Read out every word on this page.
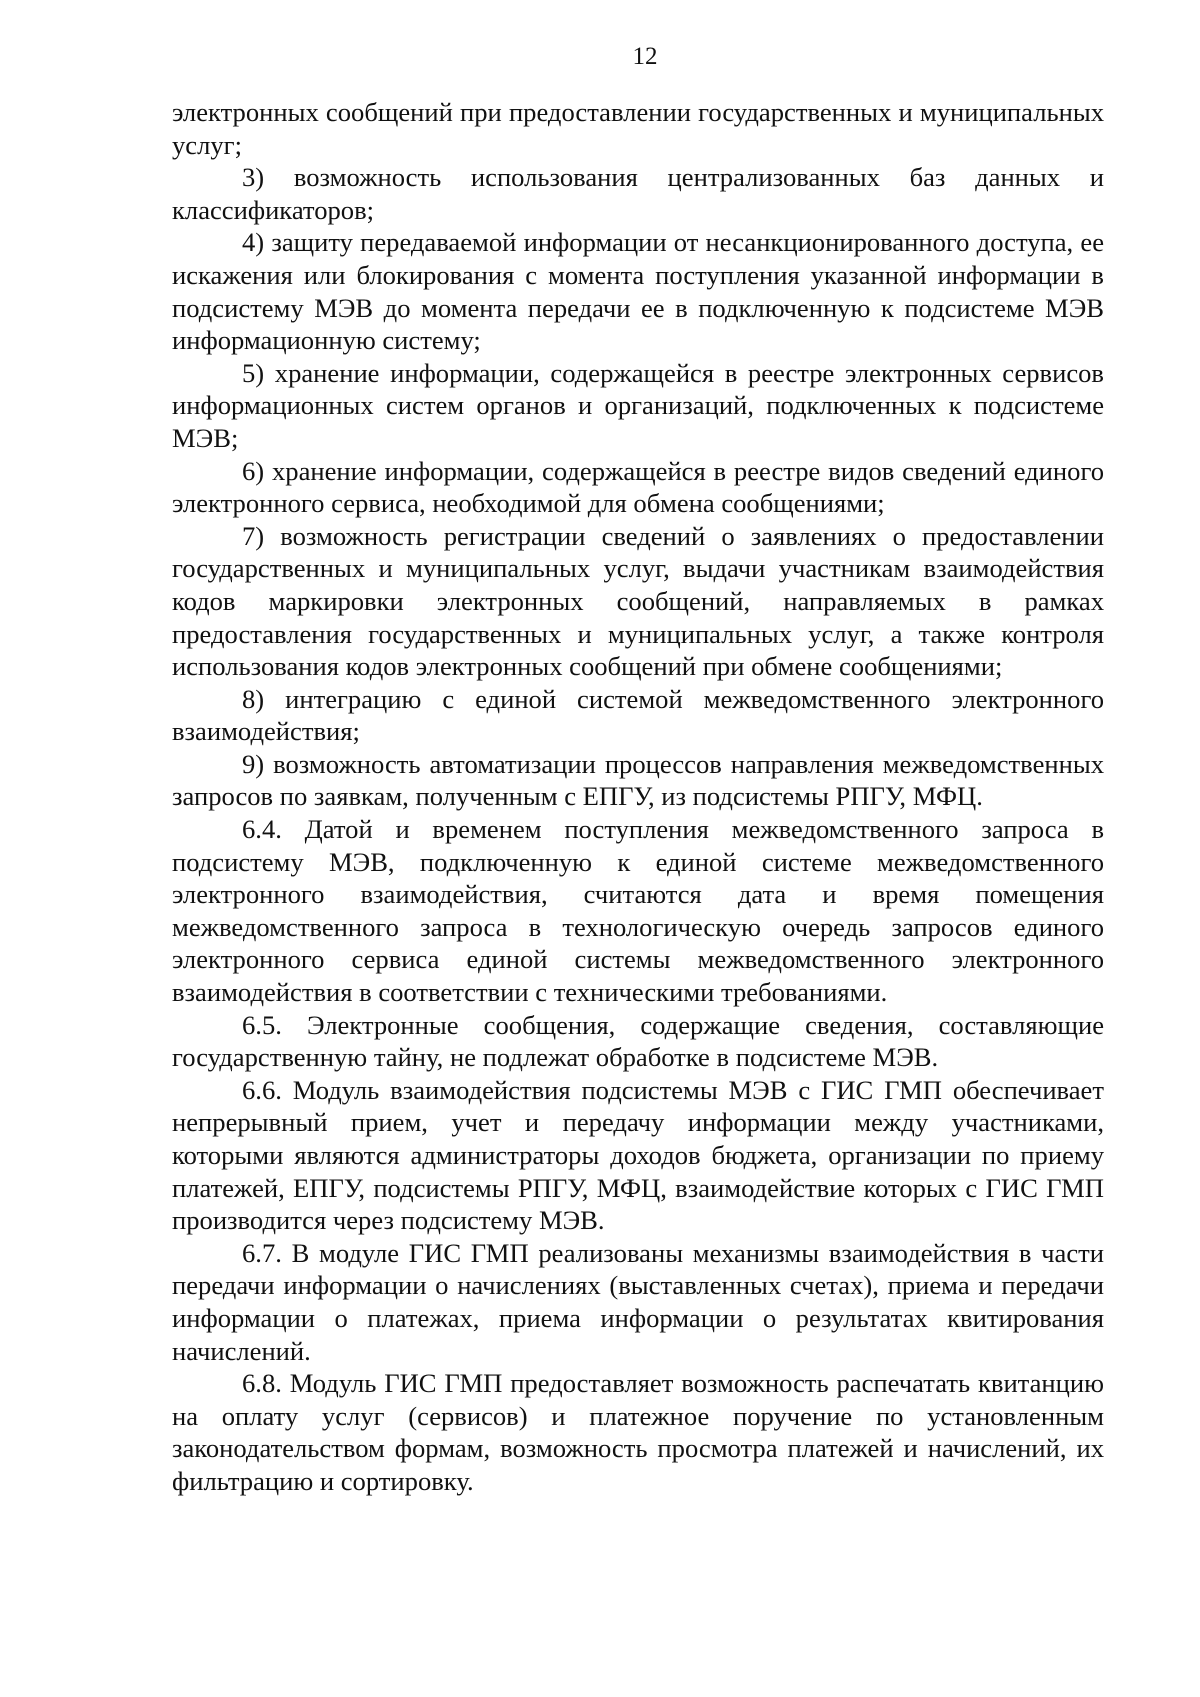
12

электронных сообщений при предоставлении государственных и муниципальных услуг;

3) возможность использования централизованных баз данных и классификаторов;

4) защиту передаваемой информации от несанкционированного доступа, ее искажения или блокирования с момента поступления указанной информации в подсистему МЭВ до момента передачи ее в подключенную к подсистеме МЭВ информационную систему;

5) хранение информации, содержащейся в реестре электронных сервисов информационных систем органов и организаций, подключенных к подсистеме МЭВ;

6) хранение информации, содержащейся в реестре видов сведений единого электронного сервиса, необходимой для обмена сообщениями;

7) возможность регистрации сведений о заявлениях о предоставлении государственных и муниципальных услуг, выдачи участникам взаимодействия кодов маркировки электронных сообщений, направляемых в рамках предоставления государственных и муниципальных услуг, а также контроля использования кодов электронных сообщений при обмене сообщениями;

8) интеграцию с единой системой межведомственного электронного взаимодействия;

9) возможность автоматизации процессов направления межведомственных запросов по заявкам, полученным с ЕПГУ, из подсистемы РПГУ, МФЦ.

6.4. Датой и временем поступления межведомственного запроса в подсистему МЭВ, подключенную к единой системе межведомственного электронного взаимодействия, считаются дата и время помещения межведомственного запроса в технологическую очередь запросов единого электронного сервиса единой системы межведомственного электронного взаимодействия в соответствии с техническими требованиями.

6.5. Электронные сообщения, содержащие сведения, составляющие государственную тайну, не подлежат обработке в подсистеме МЭВ.

6.6. Модуль взаимодействия подсистемы МЭВ с ГИС ГМП обеспечивает непрерывный прием, учет и передачу информации между участниками, которыми являются администраторы доходов бюджета, организации по приему платежей, ЕПГУ, подсистемы РПГУ, МФЦ, взаимодействие которых с ГИС ГМП производится через подсистему МЭВ.

6.7. В модуле ГИС ГМП реализованы механизмы взаимодействия в части передачи информации о начислениях (выставленных счетах), приема и передачи информации о платежах, приема информации о результатах квитирования начислений.

6.8. Модуль ГИС ГМП предоставляет возможность распечатать квитанцию на оплату услуг (сервисов) и платежное поручение по установленным законодательством формам, возможность просмотра платежей и начислений, их фильтрацию и сортировку.
